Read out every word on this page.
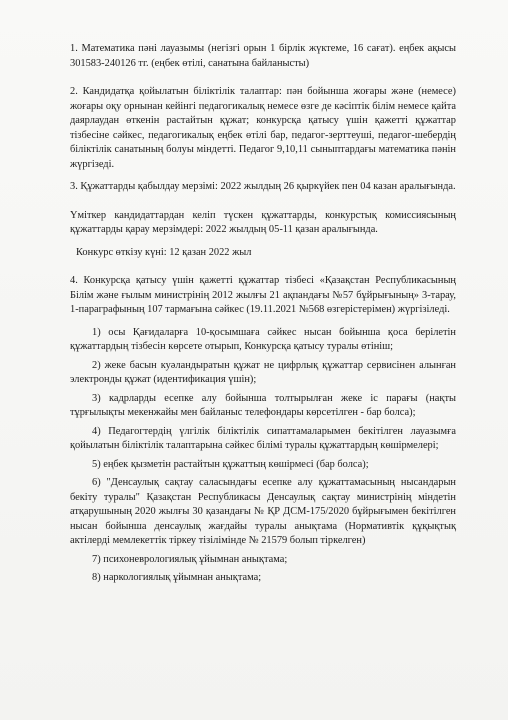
1. Математика пәні лауазымы (негізгі орын 1 бірлік жүктеме, 16 сағат). еңбек ақысы 301583-240126 тг. (еңбек өтілі, санатына байланысты)

2. Кандидатқа қойылатын біліктілік талаптар: пән бойынша жоғары және (немесе) жоғары оқу орнынан кейінгі педагогикалық немесе өзге де кәсіптік білім немесе қайта даярлаудан өткенін растайтын құжат; конкурсқа қатысу үшін қажетті құжаттар тізбесіне сәйкес, педагогикалық еңбек өтілі бар, педагог-зерттеуші, педагог-шебердің біліктілік санатының болуы міндетті. Педагог 9,10,11 сыныптардағы математика пәнін жүргізеді.

3. Құжаттарды қабылдау мерзімі: 2022 жылдың 26 қыркүйек пен 04 казан аралығында.

Үміткер кандидаттардан келіп түскен құжаттарды, конкурстық комиссиясының құжаттарды қарау мерзімдері: 2022 жылдың 05-11 қазан аралығында.

Конкурс өткізу күні: 12 қазан 2022 жыл

4. Конкурсқа қатысу үшін қажетті құжаттар тізбесі «Қазақстан Республикасының Білім және ғылым министрінің 2012 жылғы 21 ақпандағы №57 бұйрығының» 3-тарау, 1-параграфының 107 тармағына сәйкес (19.11.2021 №568 өзгерістерімен) жүргізіледі.

1) осы Қағидаларға 10-қосымшаға сәйкес нысан бойынша қоса берілетін құжаттардың тізбесін көрсете отырып, Конкурсқа қатысу туралы өтініш;

2) жеке басын куәландыратын құжат не цифрлық құжаттар сервисінен алынған электронды құжат (идентификация үшін);

3) кадрларды есепке алу бойынша толтырылған жеке іс парағы (нақты тұрғылықты мекенжайы мен байланыс телефондары көрсетілген - бар болса);

4) Педагогтердің үлгілік біліктілік сипаттамаларымен бекітілген лауазымға қойылатын біліктілік талаптарына сәйкес білімі туралы құжаттардың көшірмелері;

5) еңбек қызметін растайтын құжаттың көшірмесі (бар болса);

6) "Денсаулық сақтау саласындағы есепке алу құжаттамасының нысандарын бекіту туралы" Қазақстан Республикасы Денсаулық сақтау министрінің міндетін атқарушының 2020 жылғы 30 қазандағы № ҚР ДСМ-175/2020 бұйрығымен бекітілген нысан бойынша денсаулық жағдайы туралы анықтама (Нормативтік құқықтық актілерді мемлекеттік тіркеу тізілімінде № 21579 болып тіркелген)

7) психоневрологиялық ұйымнан анықтама;

8) наркологиялық ұйымнан анықтама;
